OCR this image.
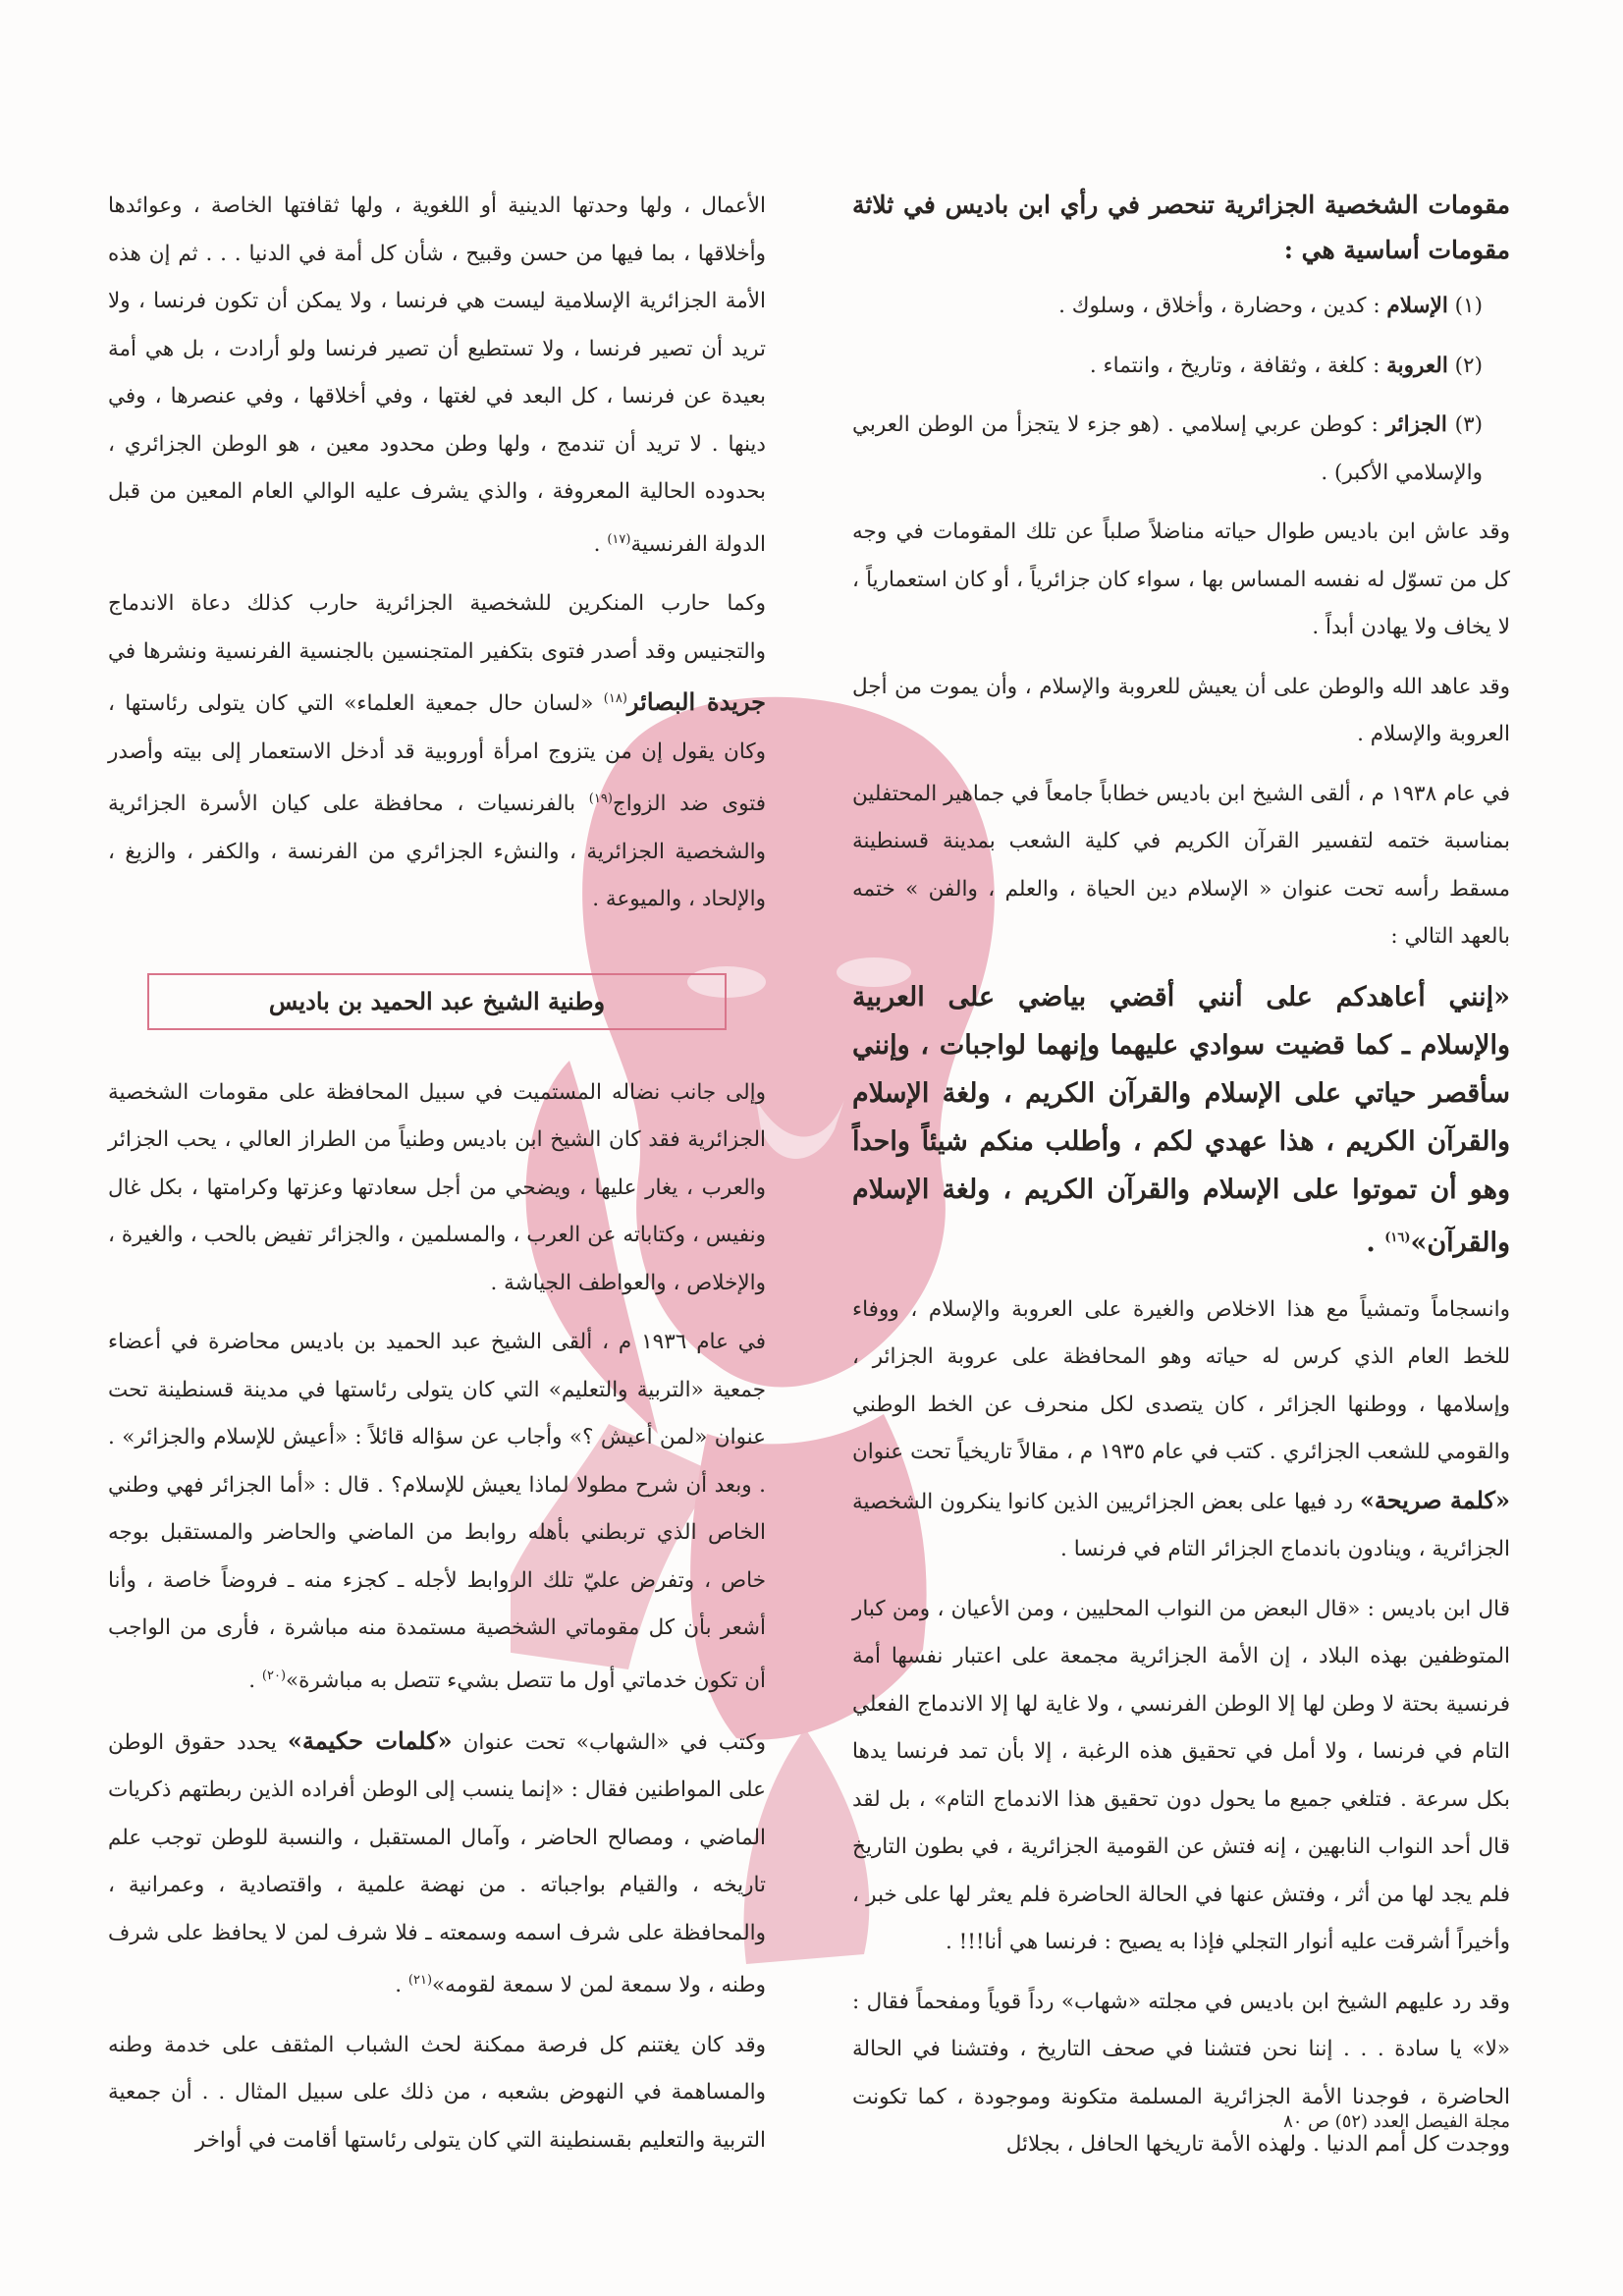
مقومات الشخصية الجزائرية تنحصر في رأي ابن باديس في ثلاثة مقومات أساسية هي :

(١) الإسلام : كدين ، وحضارة ، وأخلاق ، وسلوك .

(٢) العروبة : كلغة ، وثقافة ، وتاريخ ، وانتماء .

(٣) الجزائر : كوطن عربي إسلامي . (هو جزء لا يتجزأ من الوطن العربي والإسلامي الأكبر) .

وقد عاش ابن باديس طوال حياته مناضلاً صلباً عن تلك المقومات في وجه كل من تسوّل له نفسه المساس بها ، سواء كان جزائرياً ، أو كان استعمارياً ، لا يخاف ولا يهادن أبداً .

وقد عاهد الله والوطن على أن يعيش للعروبة والإسلام ، وأن يموت من أجل العروبة والإسلام .

في عام ١٩٣٨ م ، ألقى الشيخ ابن باديس خطاباً جامعاً في جماهير المحتفلين بمناسبة ختمه لتفسير القرآن الكريم في كلية الشعب بمدينة قسنطينة مسقط رأسه تحت عنوان « الإسلام دين الحياة ، والعلم ، والفن » ختمه بالعهد التالي :

«إنني أعاهدكم على أنني أقضي بياضي على العربية والإسلام ـ كما قضيت سوادي عليهما وإنهما لواجبات ، وإنني سأقصر حياتي على الإسلام والقرآن الكريم ، ولغة الإسلام والقرآن الكريم ، هذا عهدي لكم ، وأطلب منكم شيئاً واحداً وهو أن تموتوا على الإسلام والقرآن الكريم ، ولغة الإسلام والقرآن»$^{(١٦)}$ .

وانسجاماً وتمشياً مع هذا الاخلاص والغيرة على العروبة والإسلام ، ووفاء للخط العام الذي كرس له حياته وهو المحافظة على عروبة الجزائر ، وإسلامها ، ووطنها الجزائر ، كان يتصدى لكل منحرف عن الخط الوطني والقومي للشعب الجزائري . كتب في عام ١٩٣٥ م ، مقالاً تاريخياً تحت عنوان «كلمة صريحة» رد فيها على بعض الجزائريين الذين كانوا ينكرون الشخصية الجزائرية ، وينادون باندماج الجزائر التام في فرنسا .

قال ابن باديس : «قال البعض من النواب المحليين ، ومن الأعيان ، ومن كبار المتوظفين بهذه البلاد ، إن الأمة الجزائرية مجمعة على اعتبار نفسها أمة فرنسية بحتة لا وطن لها إلا الوطن الفرنسي ، ولا غاية لها إلا الاندماج الفعلي التام في فرنسا ، ولا أمل في تحقيق هذه الرغبة ، إلا بأن تمد فرنسا يدها بكل سرعة . فتلغي جميع ما يحول دون تحقيق هذا الاندماج التام» ، بل لقد قال أحد النواب النابهين ، إنه فتش عن القومية الجزائرية ، في بطون التاريخ فلم يجد لها من أثر ، وفتش عنها في الحالة الحاضرة فلم يعثر لها على خبر ، وأخيراً أشرقت عليه أنوار التجلي فإذا به يصيح : فرنسا هي أنا!!! .

وقد رد عليهم الشيخ ابن باديس في مجلته «شهاب» رداً قوياً ومفحماً فقال : «لا» يا سادة . . . إننا نحن فتشنا في صحف التاريخ ، وفتشنا في الحالة الحاضرة ، فوجدنا الأمة الجزائرية المسلمة متكونة وموجودة ، كما تكونت ووجدت كل أمم الدنيا . ولهذه الأمة تاريخها الحافل ، بجلائل

الأعمال ، ولها وحدتها الدينية أو اللغوية ، ولها ثقافتها الخاصة ، وعوائدها وأخلاقها ، بما فيها من حسن وقبيح ، شأن كل أمة في الدنيا . . . ثم إن هذه الأمة الجزائرية الإسلامية ليست هي فرنسا ، ولا يمكن أن تكون فرنسا ، ولا تريد أن تصير فرنسا ، ولا تستطيع أن تصير فرنسا ولو أرادت ، بل هي أمة بعيدة عن فرنسا ، كل البعد في لغتها ، وفي أخلاقها ، وفي عنصرها ، وفي دينها . لا تريد أن تندمج ، ولها وطن محدود معين ، هو الوطن الجزائري ، بحدوده الحالية المعروفة ، والذي يشرف عليه الوالي العام المعين من قبل الدولة الفرنسية$^{(١٧)}$ .

وكما حارب المنكرين للشخصية الجزائرية حارب كذلك دعاة الاندماج والتجنيس وقد أصدر فتوى بتكفير المتجنسين بالجنسية الفرنسية ونشرها في جريدة البصائر$^{(١٨)}$ «لسان حال جمعية العلماء» التي كان يتولى رئاستها ، وكان يقول إن من يتزوج امرأة أوروبية قد أدخل الاستعمار إلى بيته وأصدر فتوى ضد الزواج$^{(١٩)}$ بالفرنسيات ، محافظة على كيان الأسرة الجزائرية والشخصية الجزائرية ، والنشء الجزائري من الفرنسة ، والكفر ، والزيغ ، والإلحاد ، والميوعة .

وطنية الشيخ عبد الحميد بن باديس

وإلى جانب نضاله المستميت في سبيل المحافظة على مقومات الشخصية الجزائرية فقد كان الشيخ ابن باديس وطنياً من الطراز العالي ، يحب الجزائر والعرب ، يغار عليها ، ويضحي من أجل سعادتها وعزتها وكرامتها ، بكل غال ونفيس ، وكتاباته عن العرب ، والمسلمين ، والجزائر تفيض بالحب ، والغيرة ، والإخلاص ، والعواطف الجياشة .

في عام ١٩٣٦ م ، ألقى الشيخ عبد الحميد بن باديس محاضرة في أعضاء جمعية «التربية والتعليم» التي كان يتولى رئاستها في مدينة قسنطينة تحت عنوان «لمن أعيش ؟» وأجاب عن سؤاله قائلاً : «أعيش للإسلام والجزائر» . . وبعد أن شرح مطولا لماذا يعيش للإسلام؟ . قال : «أما الجزائر فهي وطني الخاص الذي تربطني بأهله روابط من الماضي والحاضر والمستقبل بوجه خاص ، وتفرض عليّ تلك الروابط لأجله ـ كجزء منه ـ فروضاً خاصة ، وأنا أشعر بأن كل مقوماتي الشخصية مستمدة منه مباشرة ، فأرى من الواجب أن تكون خدماتي أول ما تتصل بشيء تتصل به مباشرة»$^{(٢٠)}$ .

وكتب في «الشهاب» تحت عنوان «كلمات حكيمة» يحدد حقوق الوطن على المواطنين فقال : «إنما ينسب إلى الوطن أفراده الذين ربطتهم ذكريات الماضي ، ومصالح الحاضر ، وآمال المستقبل ، والنسبة للوطن توجب علم تاريخه ، والقيام بواجباته . من نهضة علمية ، واقتصادية ، وعمرانية ، والمحافظة على شرف اسمه وسمعته ـ فلا شرف لمن لا يحافظ على شرف وطنه ، ولا سمعة لمن لا سمعة لقومه»$^{(٢١)}$ .

وقد كان يغتنم كل فرصة ممكنة لحث الشباب المثقف على خدمة وطنه والمساهمة في النهوض بشعبه ، من ذلك على سبيل المثال . . أن جمعية التربية والتعليم بقسنطينة التي كان يتولى رئاستها أقامت في أواخر

مجلة الفيصل العدد (٥٢) ص ٨٠
